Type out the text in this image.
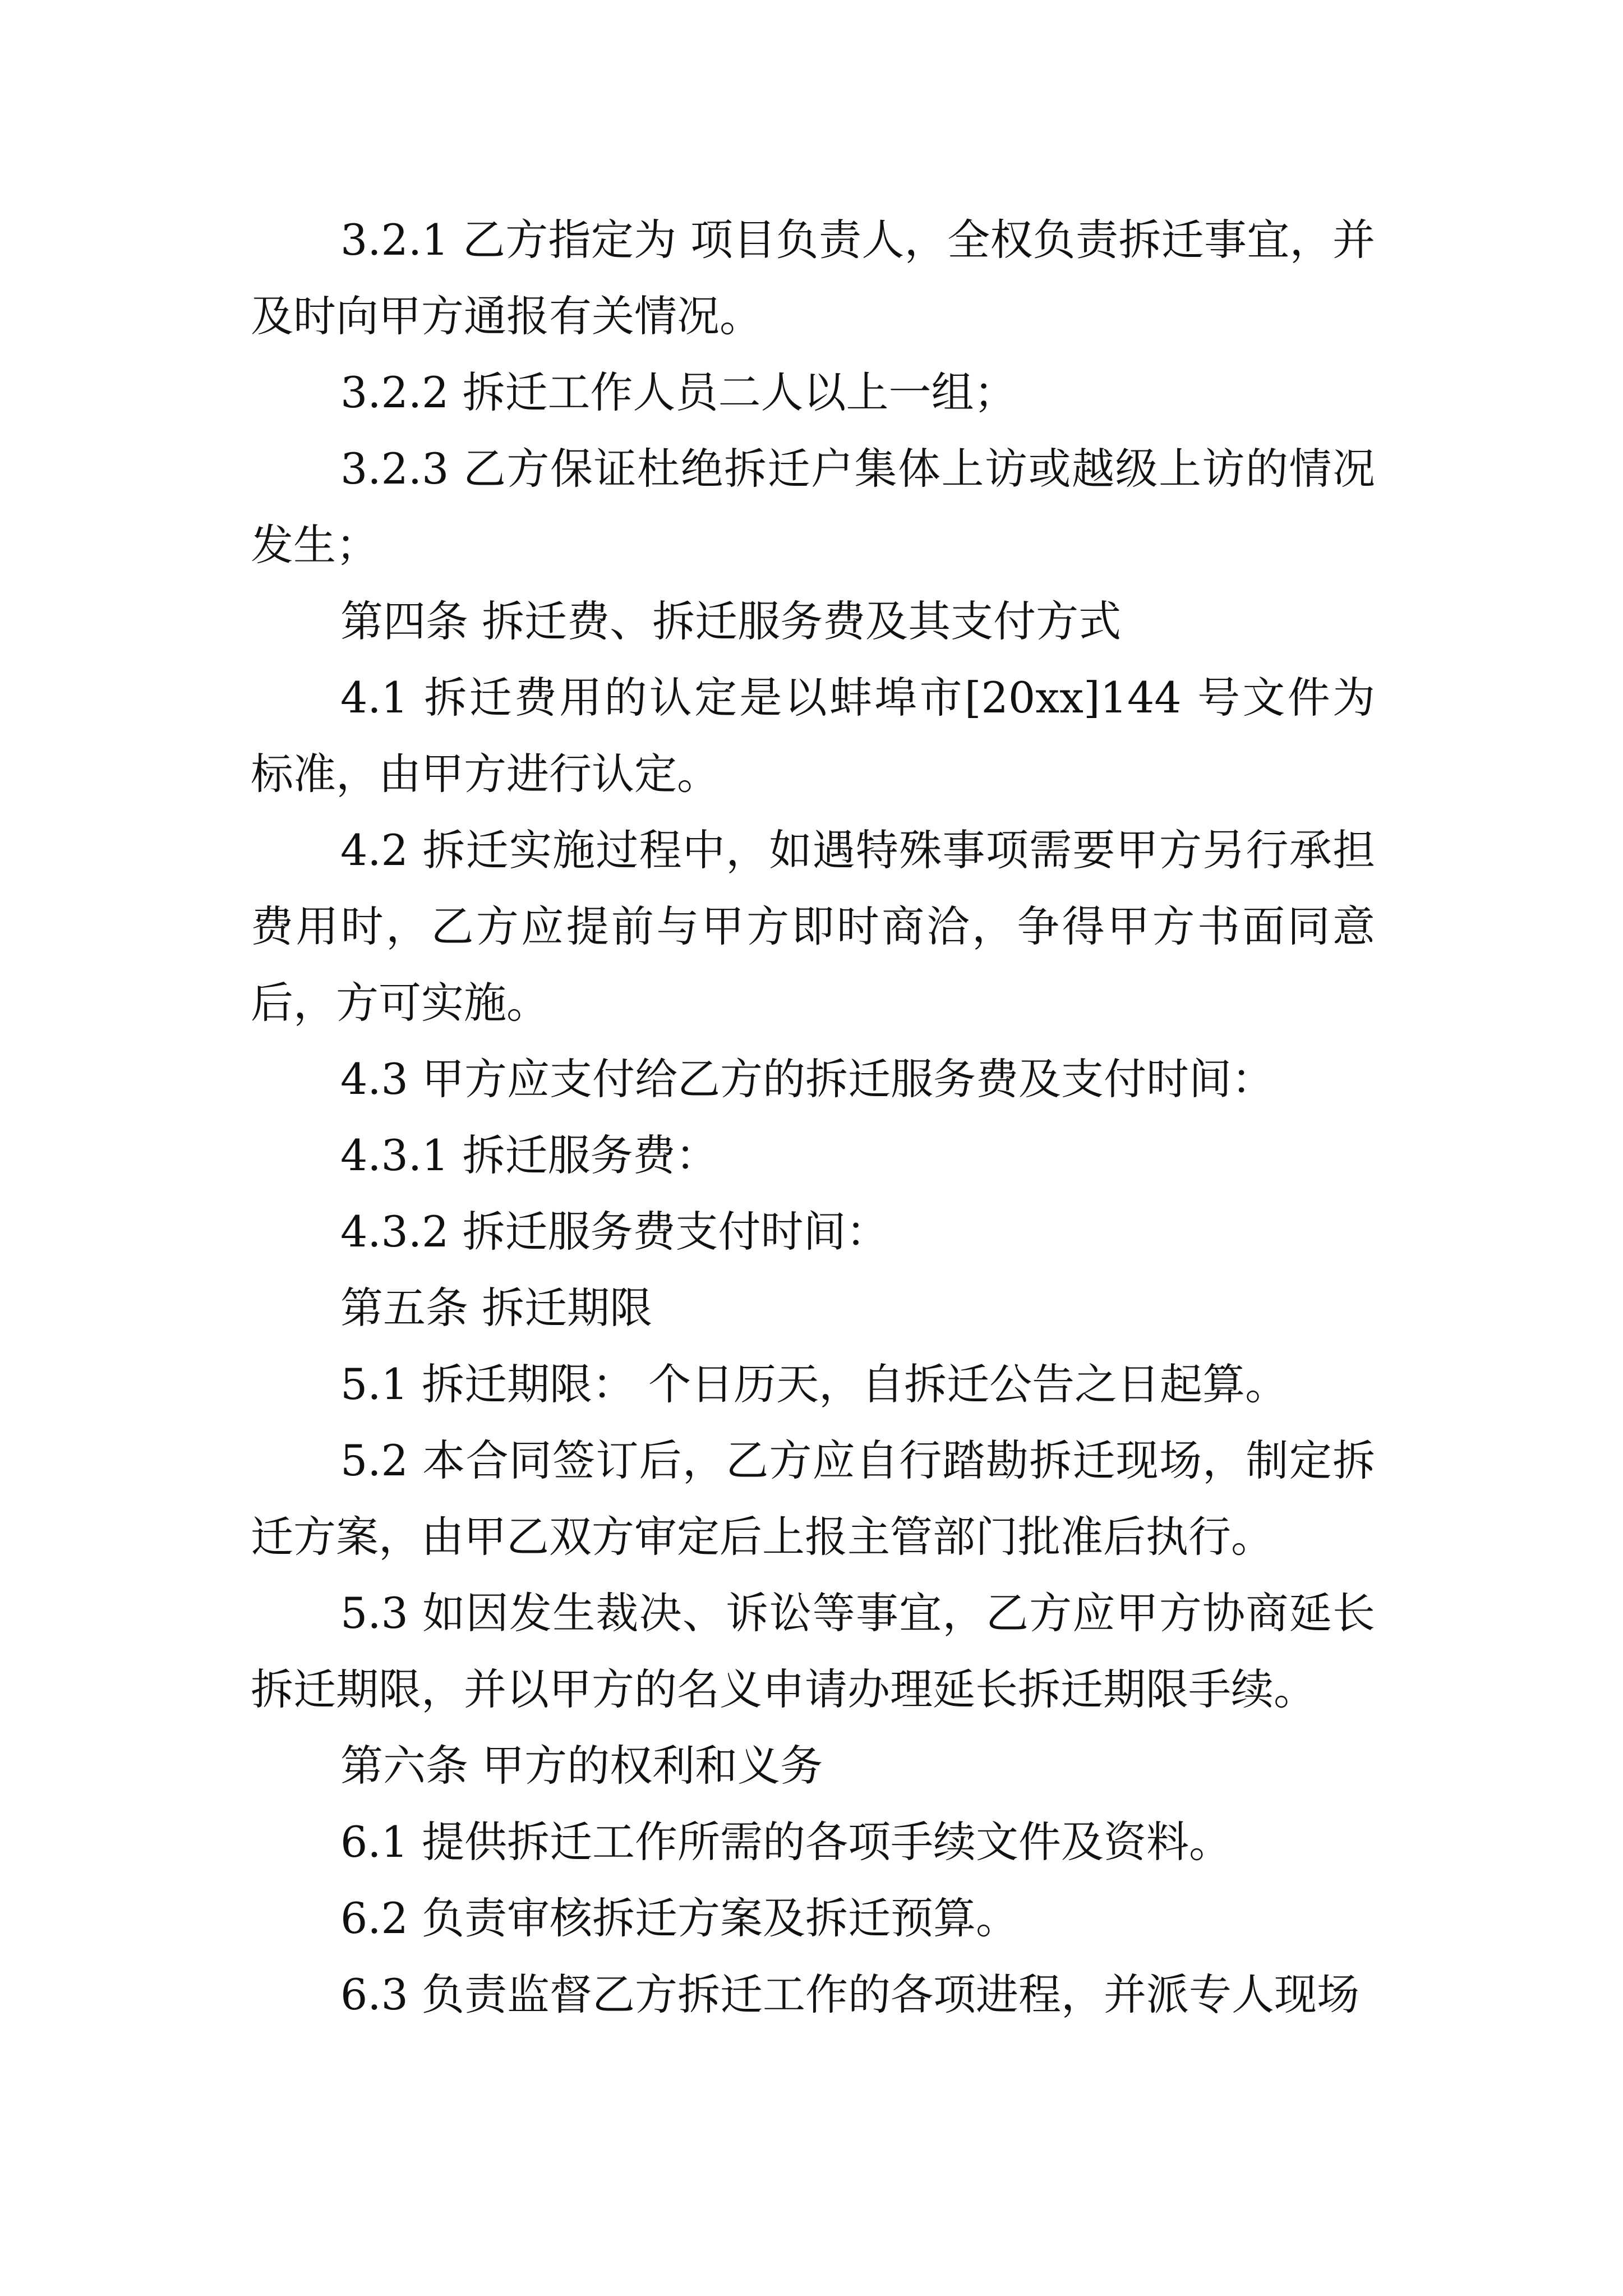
3.2.1 乙方指定为 项目负责人，全权负责拆迁事宜，并及时向甲方通报有关情况。

3.2.2 拆迁工作人员二人以上一组；

3.2.3 乙方保证杜绝拆迁户集体上访或越级上访的情况发生；

第四条 拆迁费、拆迁服务费及其支付方式

4.1 拆迁费用的认定是以蚌埠市[20xx]144 号文件为标准，由甲方进行认定。

4.2 拆迁实施过程中，如遇特殊事项需要甲方另行承担费用时，乙方应提前与甲方即时商洽，争得甲方书面同意后，方可实施。

4.3 甲方应支付给乙方的拆迁服务费及支付时间：

4.3.1 拆迁服务费：

4.3.2 拆迁服务费支付时间：

第五条 拆迁期限

5.1 拆迁期限： 个日历天，自拆迁公告之日起算。

5.2 本合同签订后，乙方应自行踏勘拆迁现场，制定拆迁方案，由甲乙双方审定后上报主管部门批准后执行。

5.3 如因发生裁决、诉讼等事宜，乙方应甲方协商延长拆迁期限，并以甲方的名义申请办理延长拆迁期限手续。

第六条 甲方的权利和义务

6.1 提供拆迁工作所需的各项手续文件及资料。

6.2 负责审核拆迁方案及拆迁预算。

6.3 负责监督乙方拆迁工作的各项进程，并派专人现场
